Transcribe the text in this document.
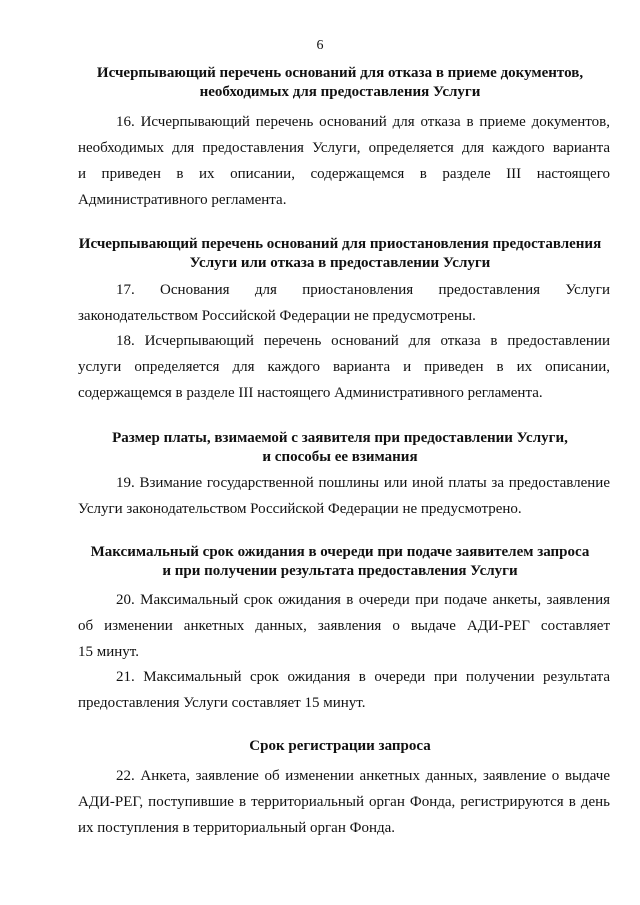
6
Исчерпывающий перечень оснований для отказа в приеме документов,
необходимых для предоставления Услуги
16. Исчерпывающий перечень оснований для отказа в приеме документов,
необходимых для предоставления Услуги, определяется для каждого варианта
и приведен в их описании, содержащемся в разделе III настоящего
Административного регламента.
Исчерпывающий перечень оснований для приостановления предоставления
Услуги или отказа в предоставлении Услуги
17. Основания для приостановления предоставления Услуги
законодательством Российской Федерации не предусмотрены.
18. Исчерпывающий перечень оснований для отказа в предоставлении
услуги определяется для каждого варианта и приведен в их описании,
содержащемся в разделе III настоящего Административного регламента.
Размер платы, взимаемой с заявителя при предоставлении Услуги,
и способы ее взимания
19. Взимание государственной пошлины или иной платы за предоставление
Услуги законодательством Российской Федерации не предусмотрено.
Максимальный срок ожидания в очереди при подаче заявителем запроса
и при получении результата предоставления Услуги
20. Максимальный срок ожидания в очереди при подаче анкеты, заявления
об изменении анкетных данных, заявления о выдаче АДИ-РЕГ составляет
15 минут.
21. Максимальный срок ожидания в очереди при получении результата
предоставления Услуги составляет 15 минут.
Срок регистрации запроса
22. Анкета, заявление об изменении анкетных данных, заявление о выдаче
АДИ-РЕГ, поступившие в территориальный орган Фонда, регистрируются в день
их поступления в территориальный орган Фонда.
